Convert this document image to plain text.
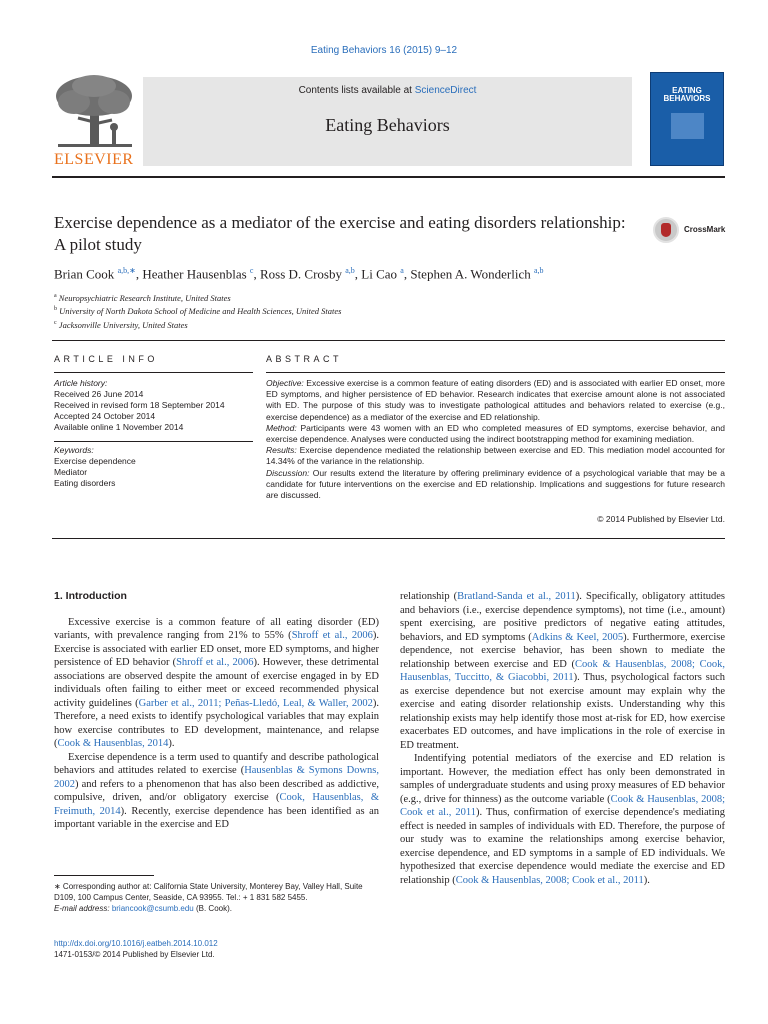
Eating Behaviors 16 (2015) 9–12
ELSEVIER
Contents lists available at ScienceDirect
Eating Behaviors
EATING
BEHAVIORS
Exercise dependence as a mediator of the exercise and eating disorders relationship: A pilot study
CrossMark
Brian Cook $^{a,b,∗}$, Heather Hausenblas $^c$, Ross D. Crosby $^{a,b}$, Li Cao $^a$, Stephen A. Wonderlich $^{a,b}$
$^a$ Neuropsychiatric Research Institute, United States
$^b$ University of North Dakota School of Medicine and Health Sciences, United States
$^c$ Jacksonville University, United States
ARTICLE INFO	ABSTRACT
Article history:
Received 26 June 2014
Received in revised form 18 September 2014
Accepted 24 October 2014
Available online 1 November 2014
Keywords:
Exercise dependence
Mediator
Eating disorders
Objective: Excessive exercise is a common feature of eating disorders (ED) and is associated with earlier ED onset, more ED symptoms, and higher persistence of ED behavior. Research indicates that exercise amount alone is not associated with ED. The purpose of this study was to investigate pathological attitudes and behaviors related to exercise (e.g., exercise dependence) as a mediator of the exercise and ED relationship.
Method: Participants were 43 women with an ED who completed measures of ED symptoms, exercise behavior, and exercise dependence. Analyses were conducted using the indirect bootstrapping method for examining mediation.
Results: Exercise dependence mediated the relationship between exercise and ED. This mediation model accounted for 14.34% of the variance in the relationship.
Discussion: Our results extend the literature by offering preliminary evidence of a psychological variable that may be a candidate for future interventions on the exercise and ED relationship. Implications and suggestions for future research are discussed.
© 2014 Published by Elsevier Ltd.

1. Introduction

Excessive exercise is a common feature of all eating disorder (ED) variants, with prevalence ranging from 21% to 55% (Shroff et al., 2006). Exercise is associated with earlier ED onset, more ED symptoms, and higher persistence of ED behavior (Shroff et al., 2006). However, these detrimental associations are observed despite the amount of exercise engaged in by ED individuals often failing to either meet or exceed recommended physical activity guidelines (Garber et al., 2011; Peñas-Lledó, Leal, & Waller, 2002). Therefore, a need exists to identify psychological variables that may explain how exercise contributes to ED development, maintenance, and relapse (Cook & Hausenblas, 2014).

Exercise dependence is a term used to quantify and describe pathological behaviors and attitudes related to exercise (Hausenblas & Symons Downs, 2002) and refers to a phenomenon that has also been described as addictive, compulsive, driven, and/or obligatory exercise (Cook, Hausenblas, & Freimuth, 2014). Recently, exercise dependence has been identified as an important variable in the exercise and ED

relationship (Bratland-Sanda et al., 2011). Specifically, obligatory attitudes and behaviors (i.e., exercise dependence symptoms), not time (i.e., amount) spent exercising, are positive predictors of negative eating attitudes, behaviors, and ED symptoms (Adkins & Keel, 2005). Furthermore, exercise dependence, not exercise behavior, has been shown to mediate the relationship between exercise and ED (Cook & Hausenblas, 2008; Cook, Hausenblas, Tuccitto, & Giacobbi, 2011). Thus, psychological factors such as exercise dependence but not exercise amount may explain why the exercise and eating disorder relationship exists. Understanding why this relationship exists may help identify those most at-risk for ED, how exercise exacerbates ED outcomes, and have implications in the role of exercise in ED treatment.

Indentifying potential mediators of the exercise and ED relation is important. However, the mediation effect has only been demonstrated in samples of undergraduate students and using proxy measures of ED behavior (e.g., drive for thinness) as the outcome variable (Cook & Hausenblas, 2008; Cook et al., 2011). Thus, confirmation of exercise dependence's mediating effect is needed in samples of individuals with ED. Therefore, the purpose of our study was to examine the relationships among exercise behavior, exercise dependence, and ED symptoms in a sample of ED individuals. We hypothesized that exercise dependence would mediate the exercise and ED relationship (Cook & Hausenblas, 2008; Cook et al., 2011).

∗ Corresponding author at: California State University, Monterey Bay, Valley Hall, Suite D109, 100 Campus Center, Seaside, CA 93955. Tel.: + 1 831 582 5455.
E-mail address: briancook@csumb.edu (B. Cook).
http://dx.doi.org/10.1016/j.eatbeh.2014.10.012
1471-0153/© 2014 Published by Elsevier Ltd.
